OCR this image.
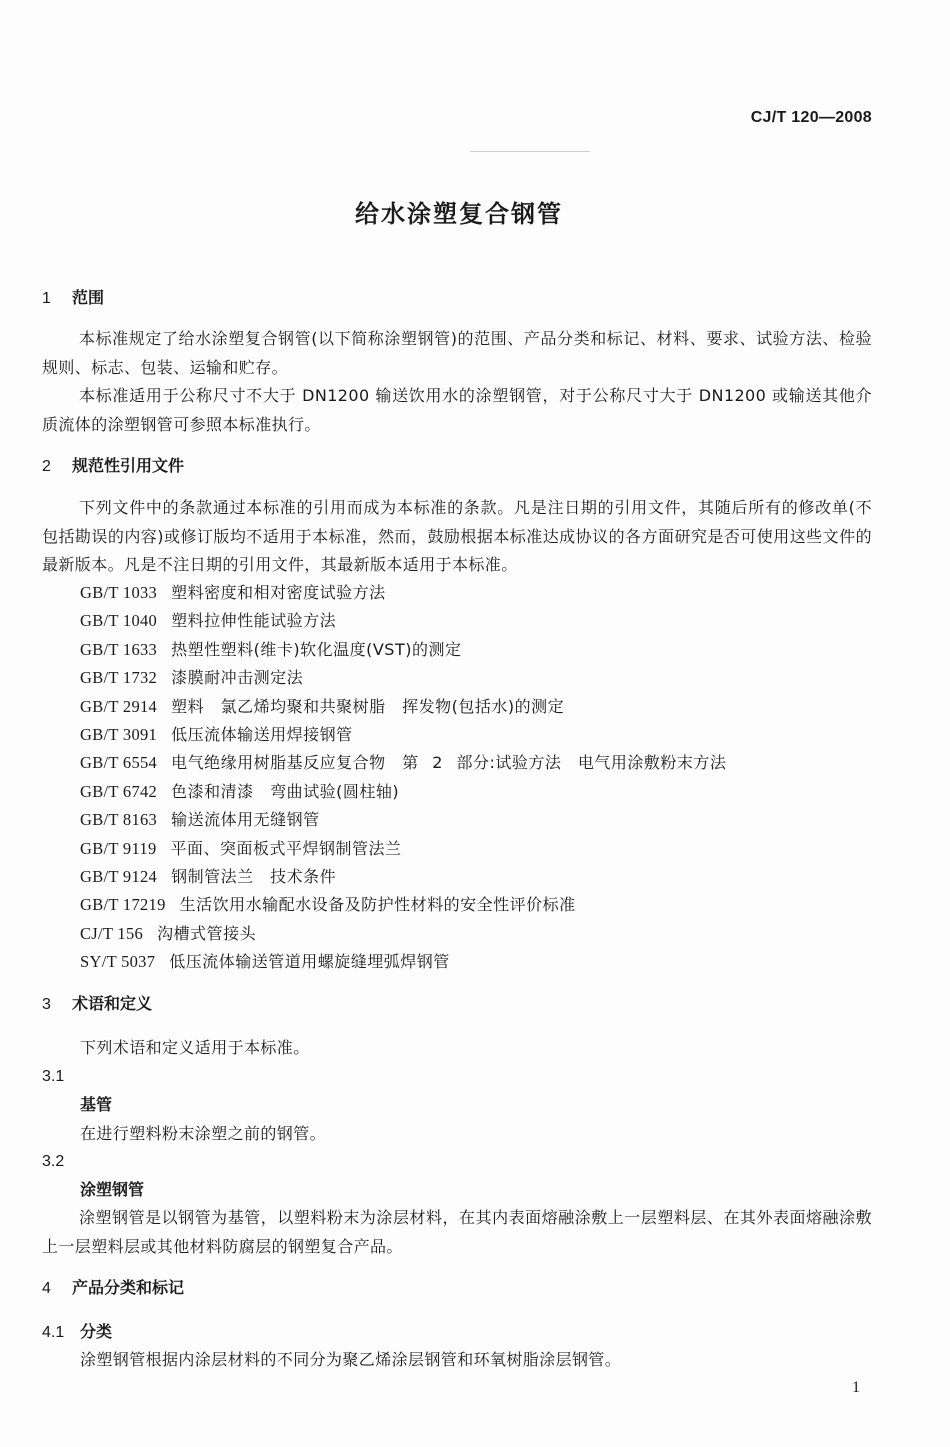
CJ/T 120—2008
给水涂塑复合钢管
1 范围
本标准规定了给水涂塑复合钢管(以下简称涂塑钢管)的范围、产品分类和标记、材料、要求、试验方法、检验规则、标志、包装、运输和贮存。
本标准适用于公称尺寸不大于 DN1200 输送饮用水的涂塑钢管，对于公称尺寸大于 DN1200 或输送其他介质流体的涂塑钢管可参照本标准执行。
2 规范性引用文件
下列文件中的条款通过本标准的引用而成为本标准的条款。凡是注日期的引用文件，其随后所有的修改单(不包括勘误的内容)或修订版均不适用于本标准，然而，鼓励根据本标准达成协议的各方面研究是否可使用这些文件的最新版本。凡是不注日期的引用文件，其最新版本适用于本标准。
GB/T 1033 塑料密度和相对密度试验方法
GB/T 1040 塑料拉伸性能试验方法
GB/T 1633 热塑性塑料(维卡)软化温度(VST)的测定
GB/T 1732 漆膜耐冲击测定法
GB/T 2914 塑料　氯乙烯均聚和共聚树脂　挥发物(包括水)的测定
GB/T 3091 低压流体输送用焊接钢管
GB/T 6554 电气绝缘用树脂基反应复合物　第 2 部分:试验方法　电气用涂敷粉末方法
GB/T 6742 色漆和清漆　弯曲试验(圆柱轴)
GB/T 8163 输送流体用无缝钢管
GB/T 9119 平面、突面板式平焊钢制管法兰
GB/T 9124 钢制管法兰　技术条件
GB/T 17219 生活饮用水输配水设备及防护性材料的安全性评价标准
CJ/T 156 沟槽式管接头
SY/T 5037 低压流体输送管道用螺旋缝埋弧焊钢管
3 术语和定义
下列术语和定义适用于本标准。
3.1
基管
在进行塑料粉末涂塑之前的钢管。
3.2
涂塑钢管
涂塑钢管是以钢管为基管，以塑料粉末为涂层材料，在其内表面熔融涂敷上一层塑料层、在其外表面熔融涂敷上一层塑料层或其他材料防腐层的钢塑复合产品。
4 产品分类和标记
4.1 分类
涂塑钢管根据内涂层材料的不同分为聚乙烯涂层钢管和环氧树脂涂层钢管。
1
